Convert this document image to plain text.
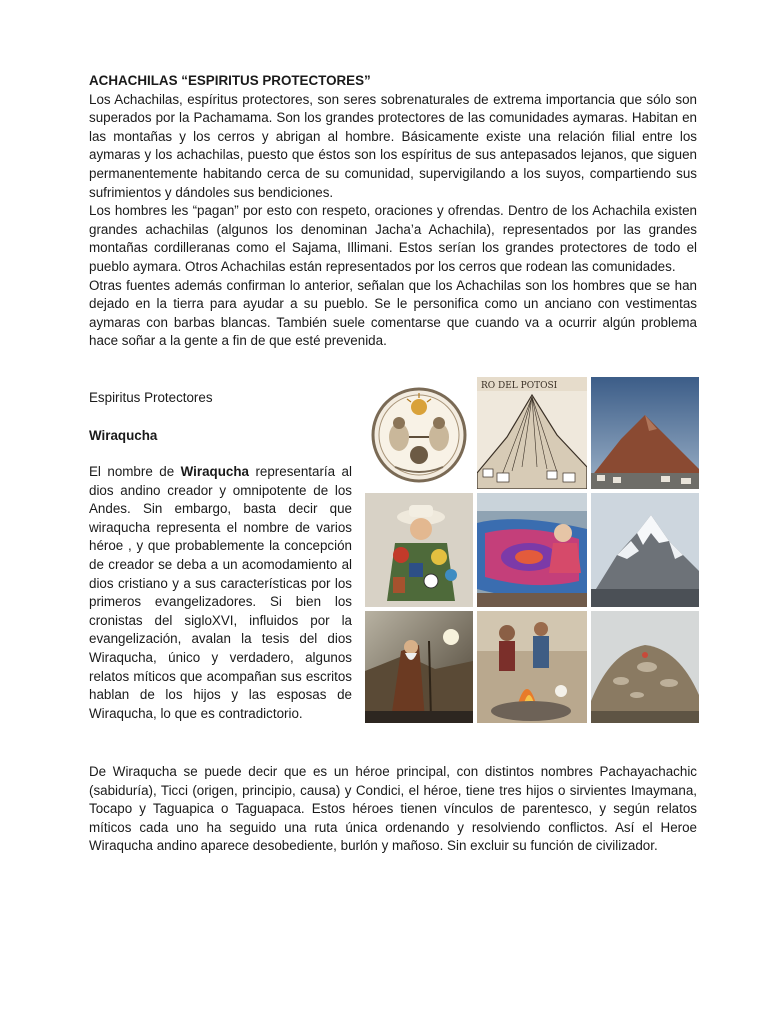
ACHACHILAS “ESPIRITUS PROTECTORES”

Los Achachilas, espíritus protectores, son seres sobrenaturales de extrema importancia que sólo son superados por la Pachamama. Son los grandes protectores de las comunidades aymaras. Habitan en las montañas y los cerros y abrigan al hombre. Básicamente existe una relación filial entre los aymaras y los achachilas, puesto que éstos son los espíritus de sus antepasados lejanos, que siguen permanentemente habitando cerca de su comunidad, supervigilando a los suyos, compartiendo sus sufrimientos y dándoles sus bendiciones.

Los hombres les “pagan” por esto con respeto, oraciones y ofrendas. Dentro de los Achachila existen grandes achachilas (algunos los denominan Jacha’a Achachila), representados por las grandes montañas cordilleranas como el Sajama, Illimani. Estos serían los grandes protectores de todo el pueblo aymara. Otros Achachilas están representados por los cerros que rodean las comunidades.

Otras fuentes además confirman lo anterior, señalan que los Achachilas son los hombres que se han dejado en la tierra para ayudar a su pueblo. Se le personifica como un anciano con vestimentas aymaras con barbas blancas. También suele comentarse que cuando va a ocurrir algún problema hace soñar a la gente a fin de que esté prevenida.

Espiritus Protectores

Wiraqucha

El nombre de Wiraqucha representaría al dios andino creador y omnipotente de los Andes. Sin embargo, basta decir que wiraqucha representa el nombre de varios héroe , y que probablemente la concepción de creador se deba a un acomodamiento al dios cristiano y a sus características por los primeros evangelizadores. Si bien los cronistas del sigloXVI, influidos por la evangelización, avalan la tesis del dios Wiraqucha, único y verdadero, algunos relatos míticos que acompañan sus escritos hablan de los hijos y las esposas de Wiraqucha, lo que es contradictorio.

RO DEL POTOSI

De Wiraqucha se puede decir que es un héroe principal, con distintos nombres Pachayachachic (sabiduría), Ticci (origen, principio, causa) y Condici, el héroe, tiene tres hijos o sirvientes Imaymana, Tocapo y Taguapica o Taguapaca. Estos héroes tienen vínculos de parentesco, y según relatos míticos cada uno ha seguido una ruta única ordenando y resolviendo conflictos. Así el Heroe Wiraqucha andino aparece desobediente, burlón y mañoso. Sin excluir su función de civilizador.
